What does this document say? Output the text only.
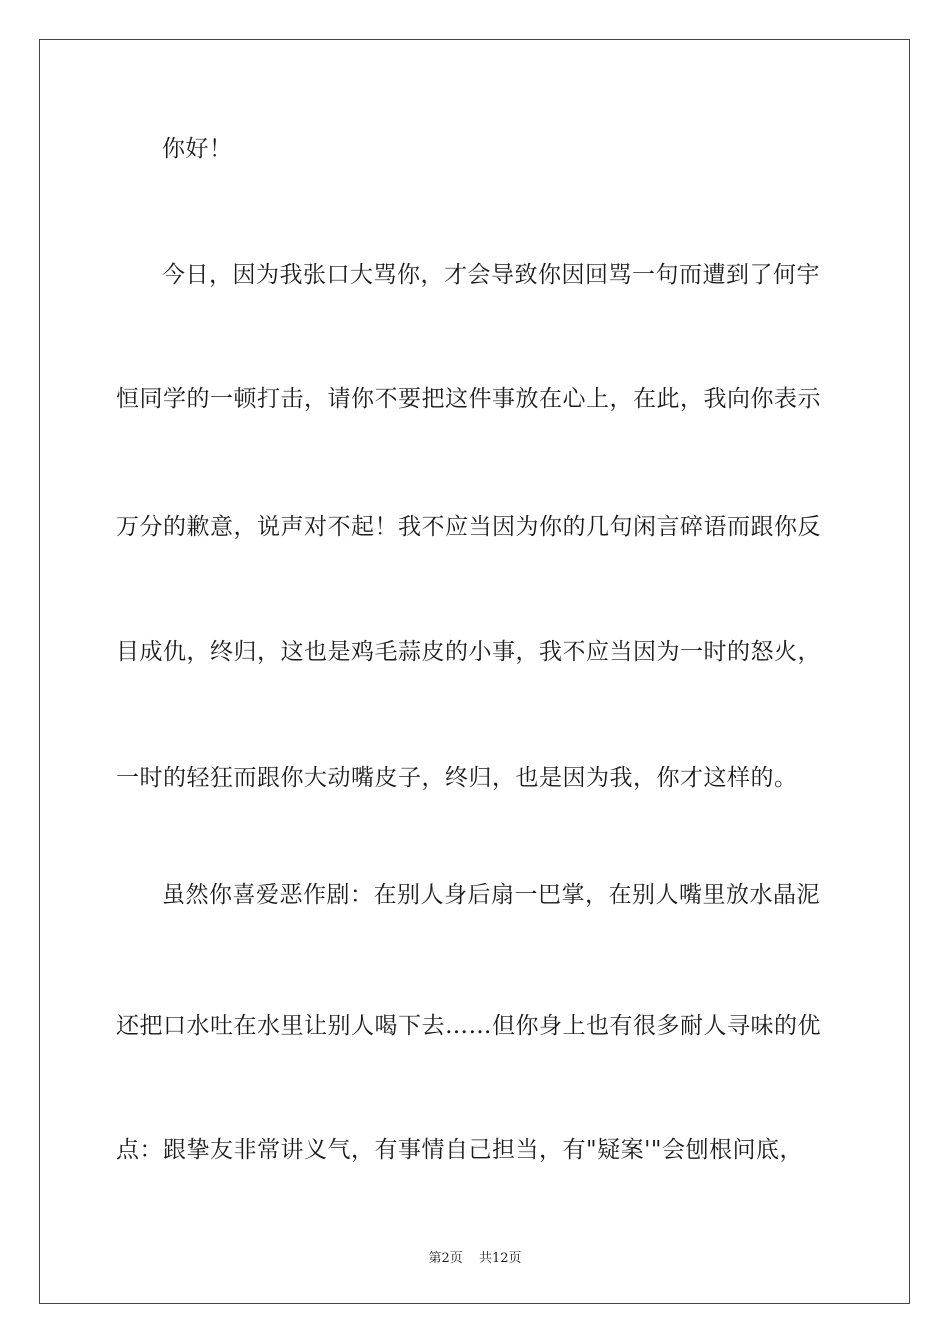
你好！
今日，因为我张口大骂你，才会导致你因回骂一句而遭到了何宇
恒同学的一顿打击，请你不要把这件事放在心上，在此，我向你表示
万分的歉意，说声对不起！我不应当因为你的几句闲言碎语而跟你反
目成仇，终归，这也是鸡毛蒜皮的小事，我不应当因为一时的怒火，
一时的轻狂而跟你大动嘴皮子，终归，也是因为我，你才这样的。
虽然你喜爱恶作剧：在别人身后扇一巴掌，在别人嘴里放水晶泥
还把口水吐在水里让别人喝下去……但你身上也有很多耐人寻味的优
点：跟挚友非常讲义气，有事情自己担当，有"疑案'"会刨根问底，
第2页 共12页
